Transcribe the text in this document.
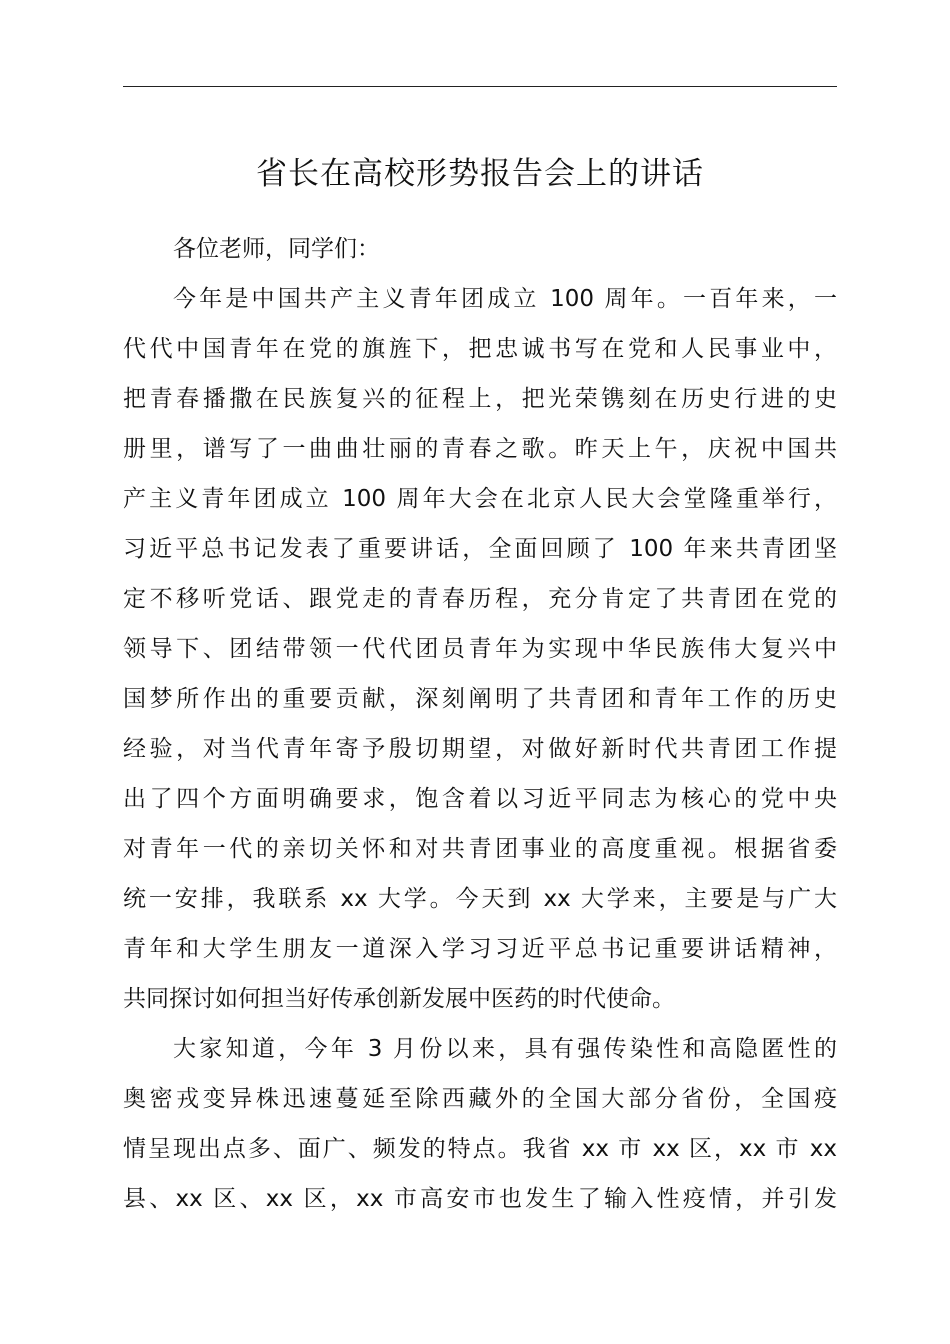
省长在高校形势报告会上的讲话

各位老师，同学们：

今年是中国共产主义青年团成立 100 周年。一百年来，一
代代中国青年在党的旗旌下，把忠诚书写在党和人民事业中，
把青春播撒在民族复兴的征程上，把光荣镌刻在历史行进的史
册里，谱写了一曲曲壮丽的青春之歌。昨天上午，庆祝中国共
产主义青年团成立 100 周年大会在北京人民大会堂隆重举行，
习近平总书记发表了重要讲话，全面回顾了 100 年来共青团坚
定不移听党话、跟党走的青春历程，充分肯定了共青团在党的
领导下、团结带领一代代团员青年为实现中华民族伟大复兴中
国梦所作出的重要贡献，深刻阐明了共青团和青年工作的历史
经验，对当代青年寄予殷切期望，对做好新时代共青团工作提
出了四个方面明确要求，饱含着以习近平同志为核心的党中央
对青年一代的亲切关怀和对共青团事业的高度重视。根据省委
统一安排，我联系 xx 大学。今天到 xx 大学来，主要是与广大
青年和大学生朋友一道深入学习习近平总书记重要讲话精神，
共同探讨如何担当好传承创新发展中医药的时代使命。
大家知道，今年 3 月份以来，具有强传染性和高隐匿性的
奥密戎变异株迅速蔓延至除西藏外的全国大部分省份，全国疫
情呈现出点多、面广、频发的特点。我省 xx 市 xx 区，xx 市 xx
县、xx 区、xx 区，xx 市高安市也发生了输入性疫情，并引发
